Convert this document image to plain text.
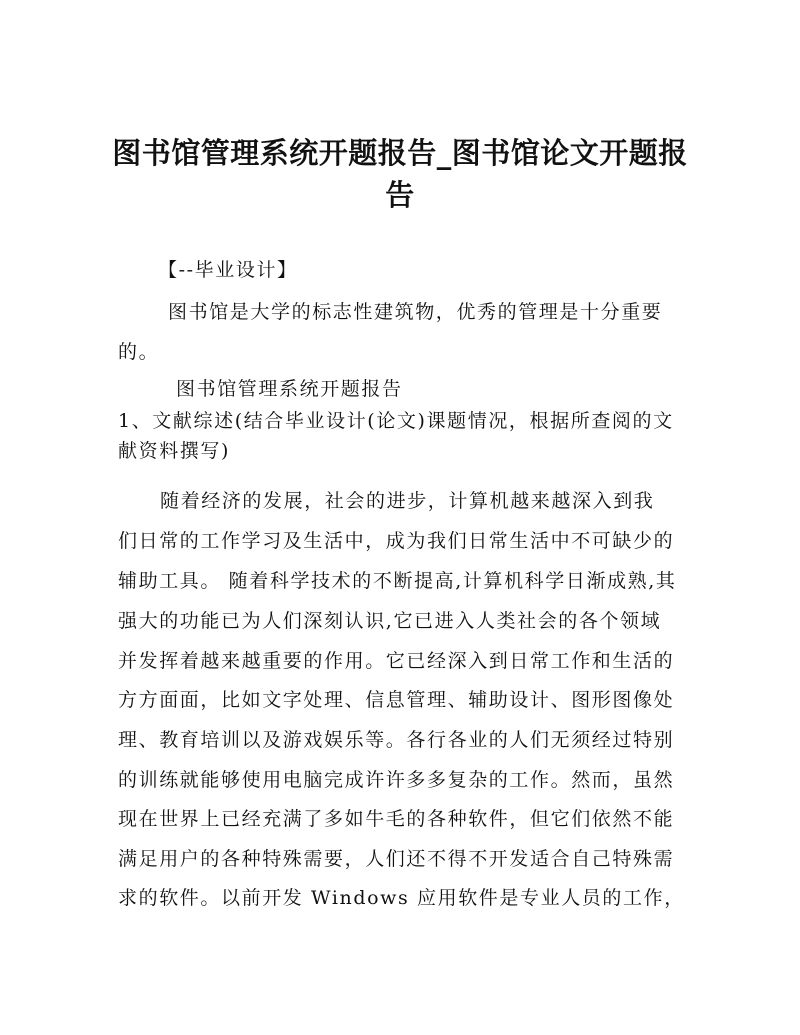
图书馆管理系统开题报告_图书馆论文开题报告
【--毕业设计】
图书馆是大学的标志性建筑物，优秀的管理是十分重要
的。
图书馆管理系统开题报告
1、文献综述(结合毕业设计(论文)课题情况，根据所查阅的文
献资料撰写)
随着经济的发展，社会的进步，计算机越来越深入到我
们日常的工作学习及生活中，成为我们日常生活中不可缺少的
辅助工具。 随着科学技术的不断提高,计算机科学日渐成熟,其
强大的功能已为人们深刻认识,它已进入人类社会的各个领域
并发挥着越来越重要的作用。它已经深入到日常工作和生活的
方方面面，比如文字处理、信息管理、辅助设计、图形图像处
理、教育培训以及游戏娱乐等。各行各业的人们无须经过特别
的训练就能够使用电脑完成许许多多复杂的工作。然而，虽然
现在世界上已经充满了多如牛毛的各种软件，但它们依然不能
满足用户的各种特殊需要，人们还不得不开发适合自己特殊需
求的软件。以前开发 Windows 应用软件是专业人员的工作，
